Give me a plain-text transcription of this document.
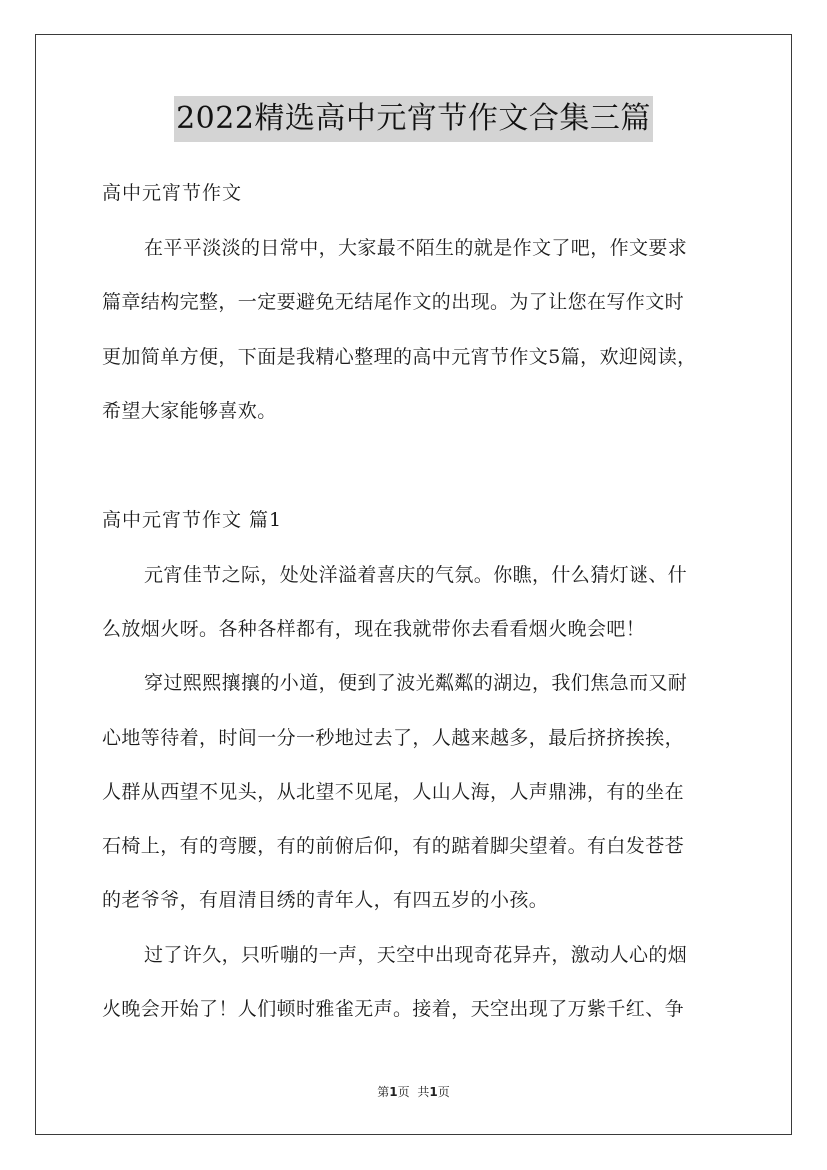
2022精选高中元宵节作文合集三篇
高中元宵节作文
在平平淡淡的日常中，大家最不陌生的就是作文了吧，作文要求
篇章结构完整，一定要避免无结尾作文的出现。为了让您在写作文时
更加简单方便，下面是我精心整理的高中元宵节作文5篇，欢迎阅读，
希望大家能够喜欢。
高中元宵节作文 篇1
元宵佳节之际，处处洋溢着喜庆的气氛。你瞧，什么猜灯谜、什
么放烟火呀。各种各样都有，现在我就带你去看看烟火晚会吧！
穿过熙熙攘攘的小道，便到了波光粼粼的湖边，我们焦急而又耐
心地等待着，时间一分一秒地过去了，人越来越多，最后挤挤挨挨，
人群从西望不见头，从北望不见尾，人山人海，人声鼎沸，有的坐在
石椅上，有的弯腰，有的前俯后仰，有的踮着脚尖望着。有白发苍苍
的老爷爷，有眉清目绣的青年人，有四五岁的小孩。
过了许久，只听嘣的一声，天空中出现奇花异卉，激动人心的烟
火晚会开始了！人们顿时雅雀无声。接着，天空出现了万紫千红、争
第1页 共1页
